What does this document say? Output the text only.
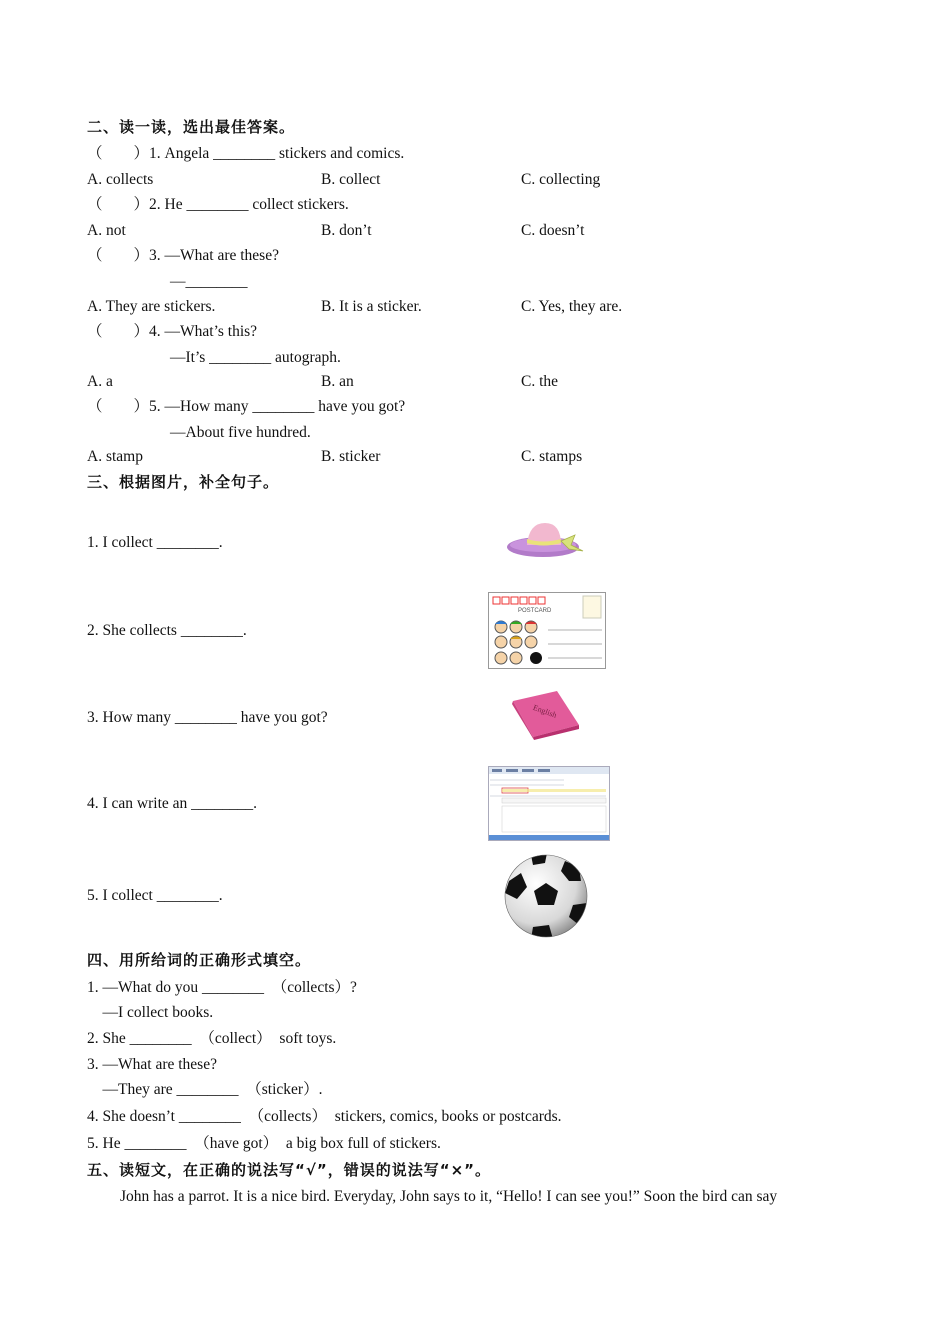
二、读一读，选出最佳答案。
（　　）1. Angela ________ stickers and comics.
A. collects	B. collect	C. collecting
（　　）2. He ________ collect stickers.
A. not	B. don’t	C. doesn’t
（　　）3. —What are these?
—________
A. They are stickers.	B. It is a sticker.	C. Yes, they are.
（　　）4. —What’s this?
—It’s ________ autograph.
A. a	B. an	C. the
（　　）5. —How many ________ have you got?
—About five hundred.
A. stamp	B. sticker	C. stamps
三、根据图片，补全句子。
1. I collect ________.
2. She collects ________.
3. How many ________ have you got?
4. I can write an ________.
5. I collect ________.
POSTCARD
English
四、用所给词的正确形式填空。
1. —What do you ________　（collects）?
　—I collect books.
2. She ________　（collect）　soft toys.
3. —What are these?
　—They are ________　（sticker）.
4. She doesn’t ________　（collects）　stickers, comics, books or postcards.
5. He ________　（have got）　a big box full of stickers.
五、读短文，在正确的说法写“√”，错误的说法写“×”。
John has a parrot. It is a nice bird. Everyday, John says to it, “Hello! I can see you!” Soon the bird can say
